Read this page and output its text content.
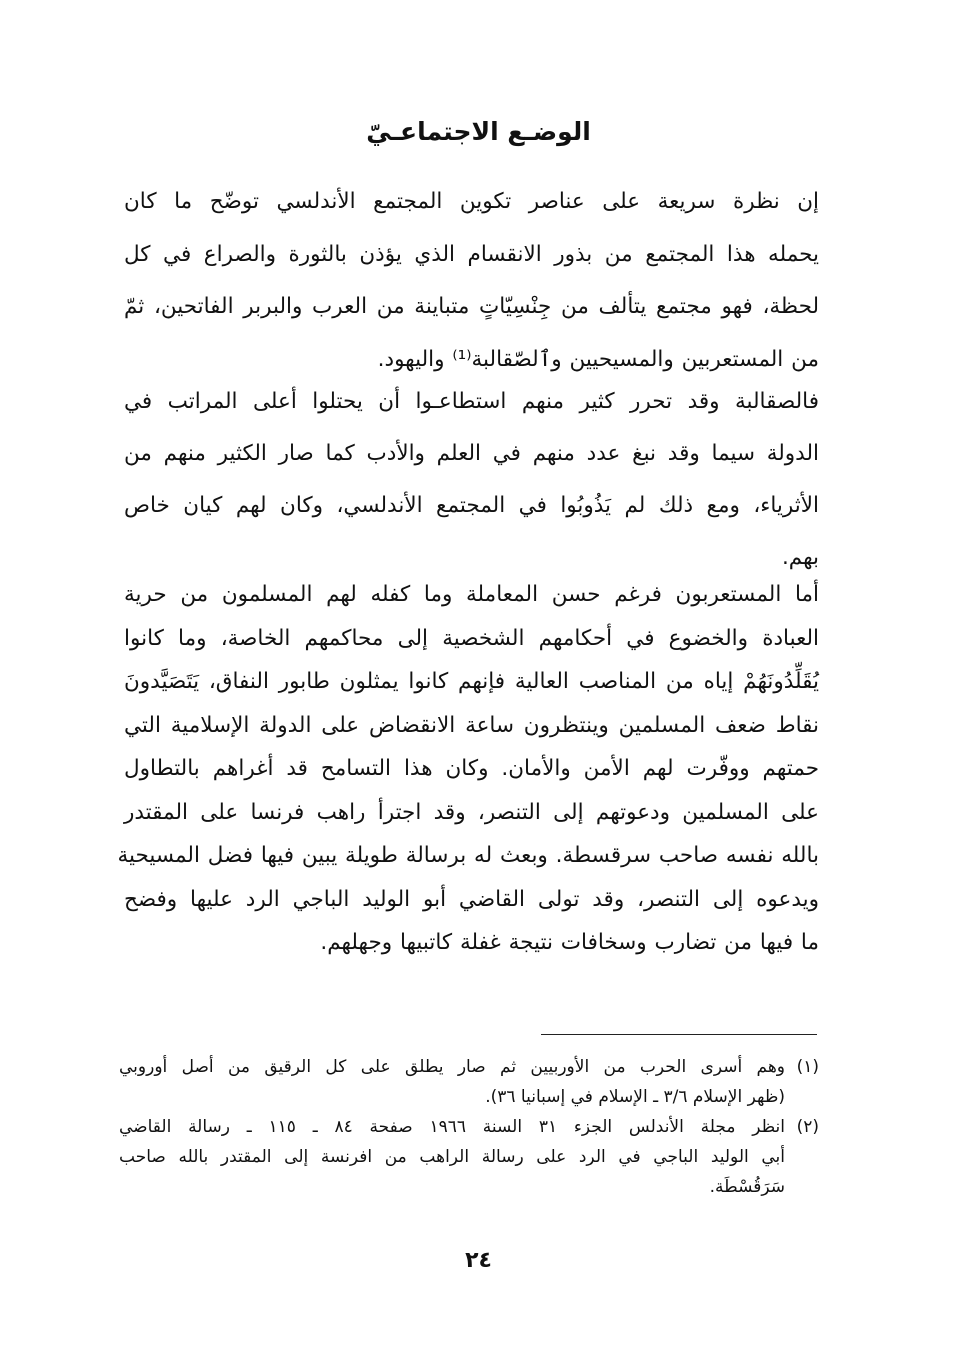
الوضـع الاجتماعـيّ
إن نظرة سريعة على عناصر تكوين المجتمع الأندلسي توضّح ما كان
يحمله هذا المجتمع من بذور الانقسام الذي يؤذن بالثورة والصراع في كل
لحظة، فهو مجتمع يتألف من جِنْسِيّاتٍ متباينة من العرب والبربر الفاتحين، ثمّ
من المستعربين والمسيحيين وٱلصّقالبة⁽¹⁾ واليهود.
فالصقالبة وقد تحرر كثير منهم استطاعـوا أن يحتلوا أعلى المراتب في
الدولة سيما وقد نبغ عدد منهم في العلم والأدب كما صار الكثير منهم من
الأثرياء، ومع ذلك لم يَذُوبُوا في المجتمع الأندلسي، وكان لهم كيان خاص
بهم.
أما المستعربون فرغم حسن المعاملة وما كفله لهم المسلمون من حرية
العبادة والخضوع في أحكامهم الشخصية إلى محاكمهم الخاصة، وما كانوا
يُقَلِّدُونَهُمْ إياه من المناصب العالية فإنهم كانوا يمثلون طابور النفاق، يَتَصَيَّدونَ
نقاط ضعف المسلمين وينتظرون ساعة الانقضاض على الدولة الإسلامية التي
حمتهم ووفّرت لهم الأمن والأمان. وكان هذا التسامح قد أغراهم بالتطاول
على المسلمين ودعوتهم إلى التنصر، وقد اجترأ راهب فرنسا على المقتدر
بالله نفسه صاحب سرقسطة. وبعث له برسالة طويلة يبين فيها فضل المسيحية
ويدعوه إلى التنصر، وقد تولى القاضي أبو الوليد الباجي الرد عليها وفضح
ما فيها من تضارب وسخافات نتيجة غفلة كاتبيها وجهلهم.
(١)وهم أسرى الحرب من الأوربيين ثم صار يطلق على كل الرقيق من أصل أوروبي
(ظهر الإسلام ٣/٦ ـ الإسلام في إسبانيا ٣٦).
(٢)انظر مجلة الأندلس الجزء ٣١ السنة ١٩٦٦ صفحة ٨٤ ـ ١١٥ ـ رسالة القاضي
أبي الوليد الباجي في الرد على رسالة الراهب من افرنسة إلى المقتدر بالله صاحب
سَرَقُسْطَة.
٢٤
